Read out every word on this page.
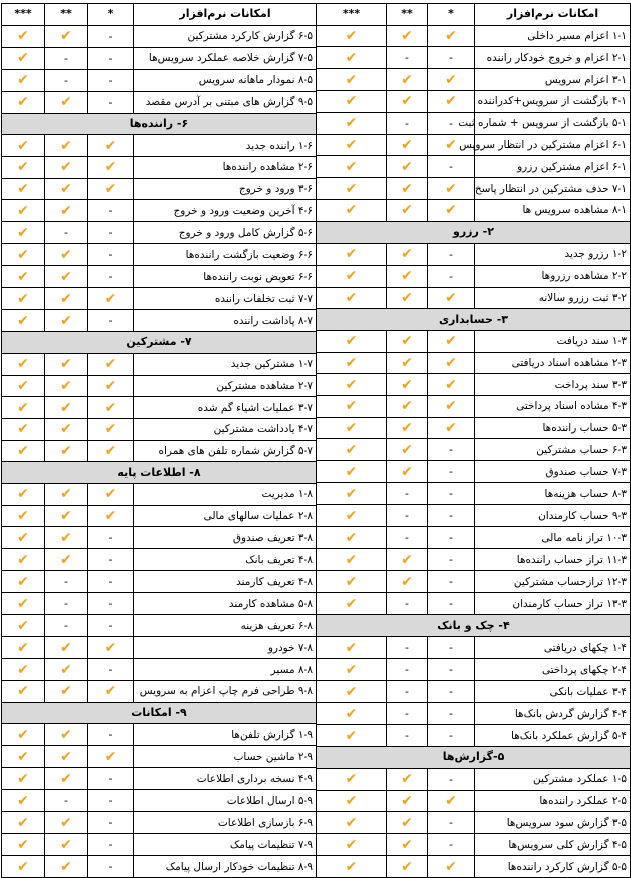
امکانات نرم‌افزار	*	**	***
۱-۱ اعزام مسیر داخلی	✔	✔	✔
۲-۱ اعزام و خروج خودکار راننده	-	-	✔
۳-۱ اعزام سرویس	✔	✔	✔
۴-۱ بازگشت از سرویس+کدراننده	✔	✔	✔
۵-۱ بازگشت از سرویس + شماره ثبت	-	-	✔
۶-۱ اعزام مشترکین در انتظار سرویس	✔	✔	✔
۶-۱ اعزام مشترکین رزرو	-	✔	✔
۷-۱ حذف مشترکین در انتظار پاسخ	✔	✔	✔
۸-۱ مشاهده سرویس ها	✔	✔	✔
۲- رزرو			
۱-۲ رزرو جدید	-	✔	✔
۲-۲ مشاهده رزروها	-	✔	✔
۳-۲ ثبت رزرو سالانه	✔	✔	✔
۳- حسابداری			
۱-۳ سند دریافت	✔	✔	✔
۲-۳ مشاهده اسناد دریافتی	✔	✔	✔
۳-۳ سند پرداخت	✔	✔	✔
۴-۳ مشاده اسناد پرداختی	✔	✔	✔
۵-۳ حساب راننده‌ها	✔	✔	✔
۶-۳ حساب مشترکین	-	✔	✔
۷-۳ حساب صندوق	-	✔	✔
۸-۳ حساب هزینه‌ها	-	-	✔
۹-۳ حساب کارمندان	-	-	✔
۱۰-۳ تراز نامه مالی	-	-	✔
۱۱-۳ تراز حساب راننده‌ها	-	✔	✔
۱۲-۳ تراز‌حساب مشترکین	-	✔	✔
۱۳-۳ تراز حساب کارمندان	-	-	✔
۴- چک و بانک			
۱-۴ چکهای دریافتی	-	-	✔
۲-۴ چکهای پرداختی	-	-	✔
۳-۴ عملیات بانکی	-	-	✔
۴-۴ گزارش گردش بانک‌ها	-	-	✔
۵-۴ گزارش عملکرد بانک‌ها	-	-	✔
۵-گزارش‌ها			
۱-۵ عملکرد مشترکین	-	✔	✔
۲-۵ عملکرد راننده‌ها	✔	✔	✔
۳-۵ گزارش سود سرویس‌ها	-	✔	✔
۴-۵ گزارش کلی سرویس‌ها	-	✔	✔
۵-۵ گزارش کارکرد راننده‌ها	✔	✔	✔
امکانات نرم‌افزار	*	**	***
۶-۵ گزارش کارکرد مشترکین	-	✔	✔
۷-۵ گزارش خلاصه عملکرد سرویس‌ها	-	-	✔
۸-۵ نمودار ماهانه سرویس	-	-	✔
۹-۵ گزارش های مبتنی بر آدرس مقصد	-	✔	✔
۶- راننده‌ها			
۱-۶ راننده جدید	✔	✔	✔
۲-۶ مشاهده راننده‌ها	✔	✔	✔
۳-۶ ورود و خروج	✔	✔	✔
۴-۶ آخرین وضعیت ورود و خروج	-	✔	✔
۵-۶ گزارش کامل ورود و خروج	-	-	✔
۶-۶ وضعیت بازگشت راننده‌ها	-	✔	✔
۶-۶ تعویض نوبت راننده‌ها	-	✔	✔
۷-۷ ثبت تخلفات راننده	✔	✔	✔
۸-۷ پاداشت راننده	-	✔	✔
۷- مشترکین			
۱-۷ مشترکین جدید	✔	✔	✔
۲-۷ مشاهده مشترکین	✔	✔	✔
۳-۷ عملیات اشیاء گم شده	✔	✔	✔
۴-۷ یادداشت مشترکین	✔	✔	✔
۵-۷ گزارش شماره تلفن های همراه	✔	✔	✔
۸- اطلاعات پایه			
۱-۸ مدیریت	✔	✔	✔
۲-۸ عملیات سالهای مالی	✔	✔	✔
۳-۸ تعریف صندوق	-	✔	✔
۴-۸ تعریف بانک	-	✔	✔
۴-۸ تعریف کارمند	-	-	✔
۵-۸ مشاهده کارمند	-	-	✔
۶-۸ تعریف هزینه	-	-	✔
۷-۸ خودرو	✔	✔	✔
۸-۸ مسیر	-	✔	✔
۹-۸ طراحی فرم چاپ اعزام به سرویس	✔	✔	✔
۹- امکانات			
۱-۹ گزارش تلفن‌ها	-	✔	✔
۲-۹ ماشین حساب	✔	✔	✔
۴-۹ نسخه برداری اطلاعات	-	✔	✔
۵-۹ ارسال اطلاعات	-	-	✔
۶-۹ بازسازی اطلاعات	-	✔	✔
۷-۹ تنظیمات پیامک	-	✔	✔
۸-۹ تنظیمات خودکار ارسال پیامک	-	✔	✔
